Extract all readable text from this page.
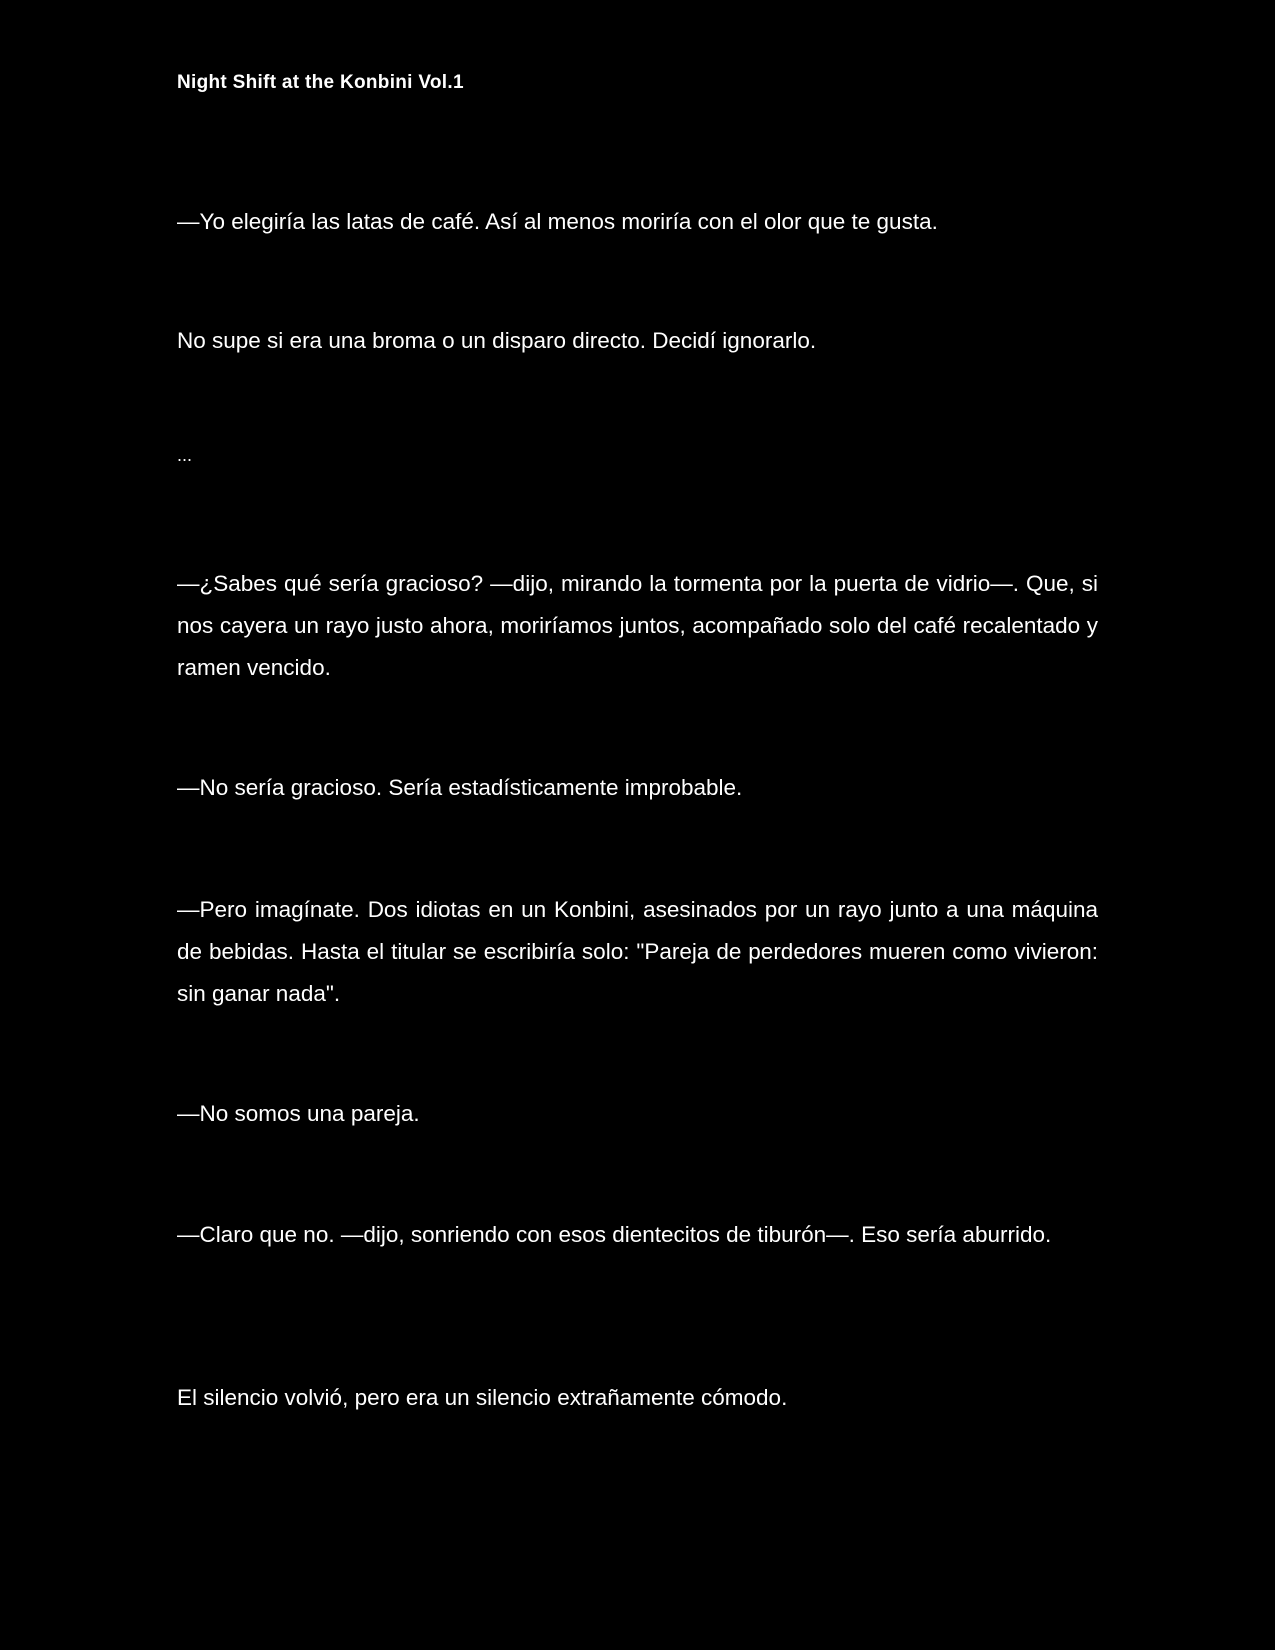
Night Shift at the Konbini Vol.1

—Yo elegiría las latas de café. Así al menos moriría con el olor que te gusta.

No supe si era una broma o un disparo directo. Decidí ignorarlo.

...

—¿Sabes qué sería gracioso? —dijo, mirando la tormenta por la puerta de vidrio—. Que, si nos cayera un rayo justo ahora, moriríamos juntos, acompañado solo del café recalentado y ramen vencido.

—No sería gracioso. Sería estadísticamente improbable.

—Pero imagínate. Dos idiotas en un Konbini, asesinados por un rayo junto a una máquina de bebidas. Hasta el titular se escribiría solo: "Pareja de perdedores mueren como vivieron: sin ganar nada".

—No somos una pareja.

—Claro que no. —dijo, sonriendo con esos dientecitos de tiburón—. Eso sería aburrido.

El silencio volvió, pero era un silencio extrañamente cómodo.
